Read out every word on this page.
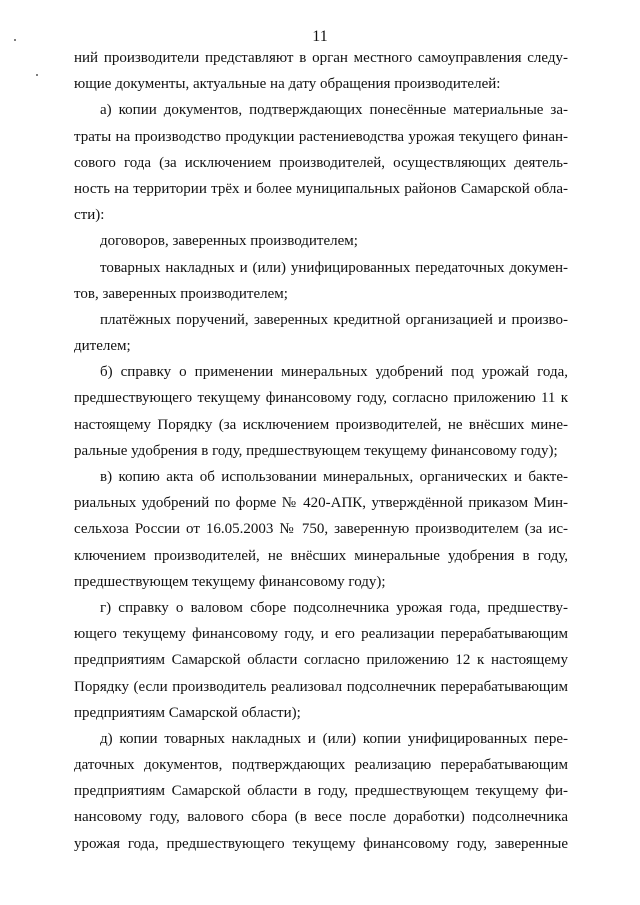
11
ний производители представляют в орган местного самоуправления следу-
ющие документы, актуальные на дату обращения производителей:
а) копии документов, подтверждающих понесённые материальные за-
траты на производство продукции растениеводства урожая текущего финан-
сового года (за исключением производителей, осуществляющих деятель-
ность на территории трёх и более муниципальных районов Самарской обла-
сти):
договоров, заверенных производителем;
товарных накладных и (или) унифицированных передаточных докумен-
тов, заверенных производителем;
платёжных поручений, заверенных кредитной организацией и произво-
дителем;
б) справку о применении минеральных удобрений под урожай года,
предшествующего текущему финансовому году, согласно приложению 11 к
настоящему Порядку (за исключением производителей, не внёсших мине-
ральные удобрения в году, предшествующем текущему финансовому году);
в) копию акта об использовании минеральных, органических и бакте-
риальных удобрений по форме № 420-АПК, утверждённой приказом Мин-
сельхоза России от 16.05.2003 № 750, заверенную производителем (за ис-
ключением производителей, не внёсших минеральные удобрения в году,
предшествующем текущему финансовому году);
г) справку о валовом сборе подсолнечника урожая года, предшеству-
ющего текущему финансовому году, и его реализации перерабатывающим
предприятиям Самарской области согласно приложению 12 к настоящему
Порядку (если производитель реализовал подсолнечник перерабатывающим
предприятиям Самарской области);
д) копии товарных накладных и (или) копии унифицированных пере-
даточных документов, подтверждающих реализацию перерабатывающим
предприятиям Самарской области в году, предшествующем текущему фи-
нансовому году, валового сбора (в весе после доработки) подсолнечника
урожая года, предшествующего текущему финансовому году, заверенные
